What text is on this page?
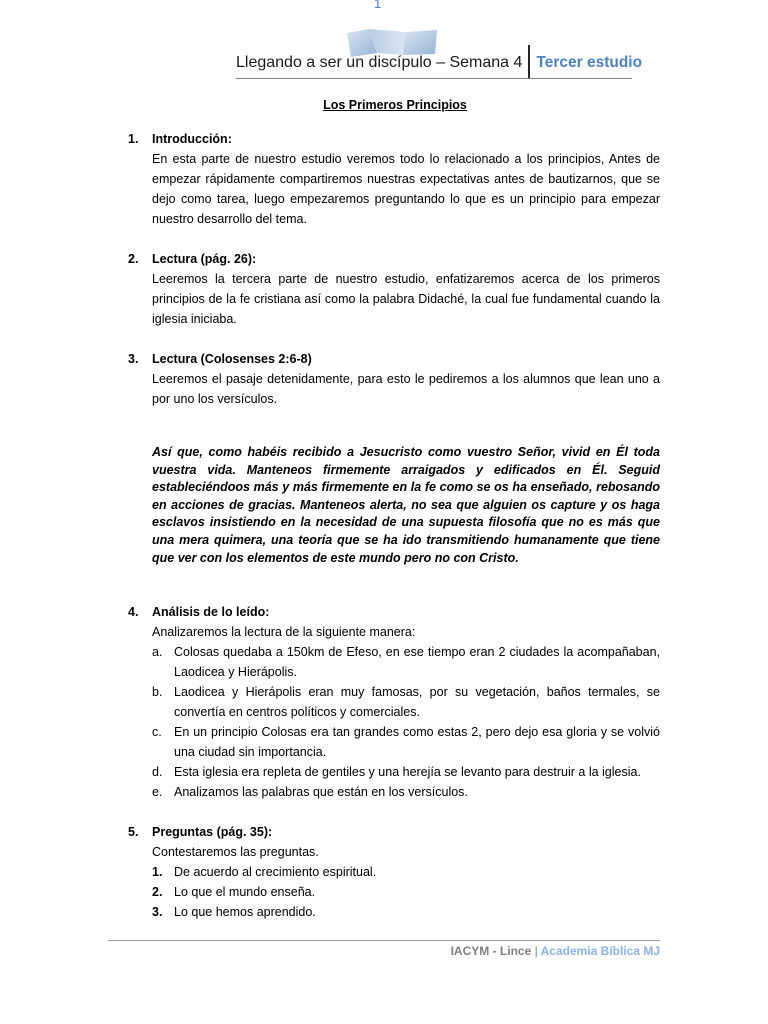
1
Llegando a ser un discípulo – Semana 4 Tercer estudio
Los Primeros Principios
1. Introducción:

En esta parte de nuestro estudio veremos todo lo relacionado a los principios, Antes de empezar rápidamente compartiremos nuestras expectativas antes de bautizarnos, que se dejo como tarea, luego empezaremos preguntando lo que es un principio para empezar nuestro desarrollo del tema.

2. Lectura (pág. 26):

Leeremos la tercera parte de nuestro estudio, enfatizaremos acerca de los primeros principios de la fe cristiana así como la palabra Didaché, la cual fue fundamental cuando la iglesia iniciaba.

3. Lectura (Colosenses 2:6-8)

Leeremos el pasaje detenidamente, para esto le pediremos a los alumnos que lean uno a por uno los versículos.

Así que, como habéis recibido a Jesucristo como vuestro Señor, vivid en Él toda vuestra vida. Manteneos firmemente arraigados y edificados en Él. Seguid estableciéndoos más y más firmemente en la fe como se os ha enseñado, rebosando en acciones de gracias. Manteneos alerta, no sea que alguien os capture y os haga esclavos insistiendo en la necesidad de una supuesta filosofía que no es más que una mera quimera, una teoría que se ha ido transmitiendo humanamente que tiene que ver con los elementos de este mundo pero no con Cristo.

4. Análisis de lo leído:

Analizaremos la lectura de la siguiente manera:

a. Colosas quedaba a 150km de Efeso, en ese tiempo eran 2 ciudades la acompañaban, Laodicea y Hierápolis.
b. Laodicea y Hierápolis eran muy famosas, por su vegetación, baños termales, se convertía en centros políticos y comerciales.
c. En un principio Colosas era tan grandes como estas 2, pero dejo esa gloria y se volvió una ciudad sin importancia.
d. Esta iglesia era repleta de gentiles y una herejía se levanto para destruir a la iglesia.
e. Analizamos las palabras que están en los versículos.
5. Preguntas (pág. 35):

Contestaremos las preguntas.

1. De acuerdo al crecimiento espiritual.
2. Lo que el mundo enseña.
3. Lo que hemos aprendido.
IACYM - Lince | Academia Bíblica MJ
